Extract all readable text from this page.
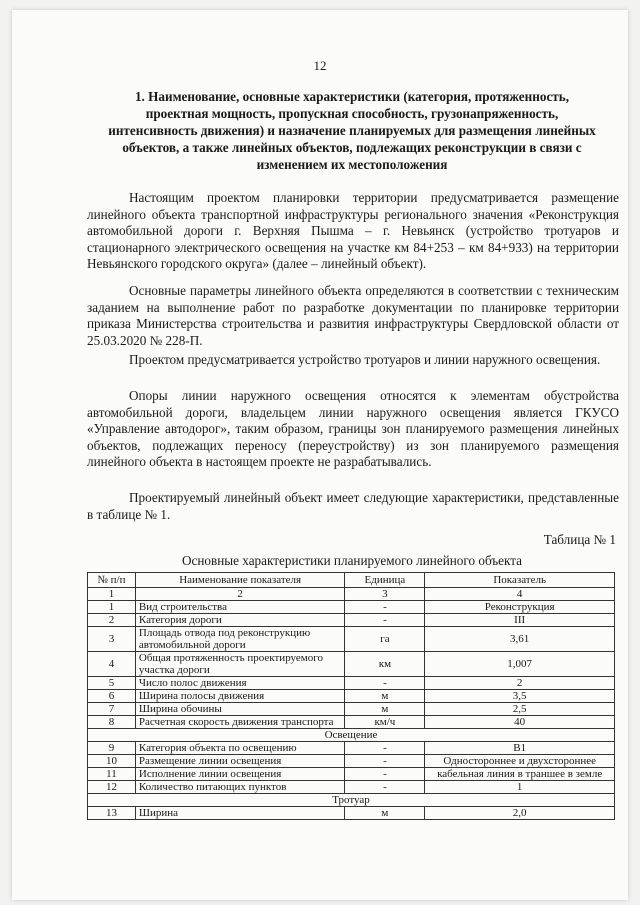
12
1. Наименование, основные характеристики (категория, протяженность, проектная мощность, пропускная способность, грузонапряженность, интенсивность движения) и назначение планируемых для размещения линейных объектов, а также линейных объектов, подлежащих реконструкции в связи с изменением их местоположения
Настоящим проектом планировки территории предусматривается размещение линейного объекта транспортной инфраструктуры регионального значения «Реконструкция автомобильной дороги г. Верхняя Пышма – г. Невьянск (устройство тротуаров и стационарного электрического освещения на участке км 84+253 – км 84+933) на территории Невьянского городского округа» (далее – линейный объект).
Основные параметры линейного объекта определяются в соответствии с техническим заданием на выполнение работ по разработке документации по планировке территории приказа Министерства строительства и развития инфраструктуры Свердловской области от 25.03.2020 № 228-П.
Проектом предусматривается устройство тротуаров и линии наружного освещения.
Опоры линии наружного освещения относятся к элементам обустройства автомобильной дороги, владельцем линии наружного освещения является ГКУСО «Управление автодорог», таким образом, границы зон планируемого размещения линейных объектов, подлежащих переносу (переустройству) из зон планируемого размещения линейного объекта в настоящем проекте не разрабатывались.
Проектируемый линейный объект имеет следующие характеристики, представленные в таблице № 1.
Таблица № 1
Основные характеристики планируемого линейного объекта
№ п/п	Наименование показателя	Единица	Показатель
1	2	3	4
1	Вид строительства	-	Реконструкция
2	Категория дороги	-	III
3	Площадь отвода под реконструкцию автомобильной дороги	га	3,61
4	Общая протяженность проектируемого участка дороги	км	1,007
5	Число полос движения	-	2
6	Ширина полосы движения	м	3,5
7	Ширина обочины	м	2,5
8	Расчетная скорость движения транспорта	км/ч	40
Освещение			
9	Категория объекта по освещению	-	В1
10	Размещение линии освещения	-	Одностороннее и двухстороннее
11	Исполнение линии освещения	-	кабельная линия в траншее в земле
12	Количество питающих пунктов	-	1
Тротуар			
13	Ширина	м	2,0
